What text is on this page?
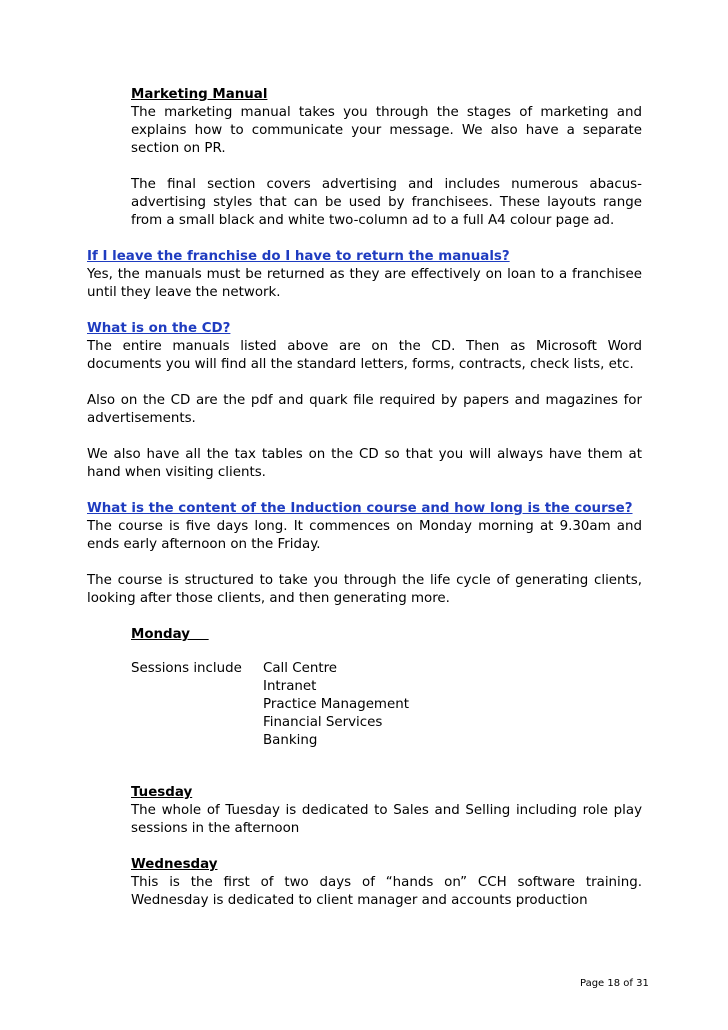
Marketing Manual

The marketing manual takes you through the stages of marketing and explains how to communicate your message. We also have a separate section on PR.

The final section covers advertising and includes numerous abacus-advertising styles that can be used by franchisees. These layouts range from a small black and white two-column ad to a full A4 colour page ad.

If I leave the franchise do I have to return the manuals?

Yes, the manuals must be returned as they are effectively on loan to a franchisee until they leave the network.

What is on the CD?

The entire manuals listed above are on the CD. Then as Microsoft Word documents you will find all the standard letters, forms, contracts, check lists, etc.

Also on the CD are the pdf and quark file required by papers and magazines for advertisements.

We also have all the tax tables on the CD so that you will always have them at hand when visiting clients.

What is the content of the Induction course and how long is the course?

The course is five days long. It commences on Monday morning at 9.30am and ends early afternoon on the Friday.

The course is structured to take you through the life cycle of generating clients, looking after those clients, and then generating more.

Monday
Sessions include Call Centre
Intranet
Practice Management
Financial Services
Banking
Tuesday

The whole of Tuesday is dedicated to Sales and Selling including role play sessions in the afternoon

Wednesday

This is the first of two days of “hands on” CCH software training. Wednesday is dedicated to client manager and accounts production

Page 18 of 31
